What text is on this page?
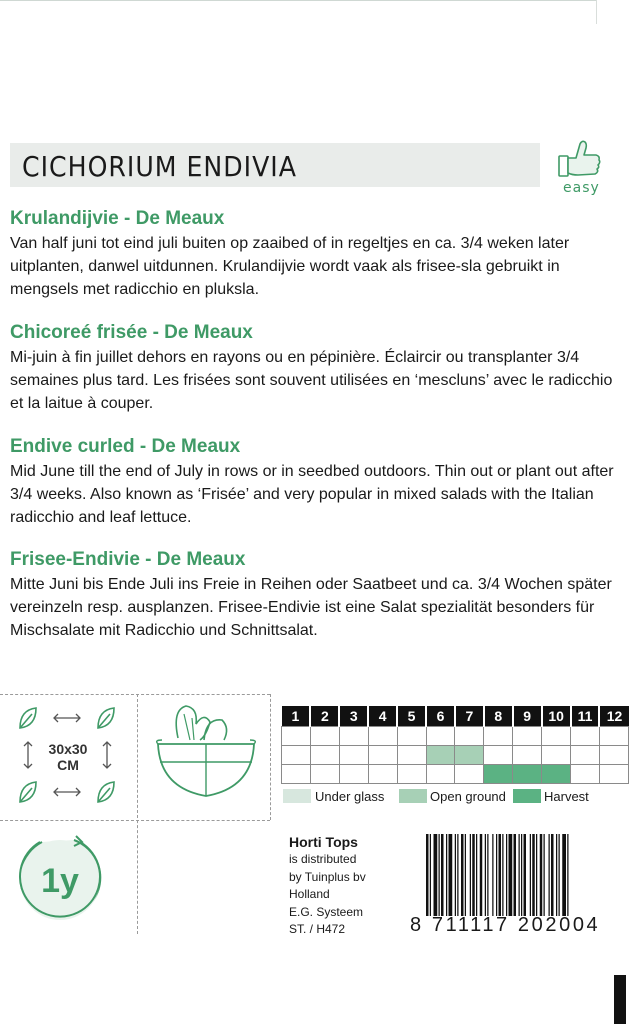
CICHORIUM ENDIVIA
easy
Krulandijvie - De Meaux
Van half juni tot eind juli buiten op zaaibed of in regeltjes en ca. 3/4 weken later uitplanten, danwel uitdunnen. Krulandijvie wordt vaak als frisee-sla gebruikt in mengsels met radicchio en pluksla.
Chicoreé frisée - De Meaux
Mi-juin à fin juillet dehors en rayons ou en pépinière. Éclaircir ou transplanter 3/4 semaines plus tard. Les frisées sont souvent utilisées en ‘mescluns’ avec le radicchio et la laitue à couper.
Endive curled - De Meaux
Mid June till the end of July in rows or in seedbed outdoors. Thin out or plant out after 3/4 weeks. Also known as ‘Frisée’ and very popular in mixed salads with the Italian radicchio and leaf lettuce.
Frisee-Endivie - De Meaux
Mitte Juni bis Ende Juli ins Freie in Reihen oder Saatbeet und ca. 3/4 Wochen später vereinzeln resp. ausplanzen. Frisee-Endivie ist eine Salat spezialität besonders für Mischsalate mit Radicchio und Schnittsalat.
30x30
CM
1	2	3	4	5	6	7	8	9	10	11	12

Under glass	Open ground	Harvest
1y
Horti Tops
is distributed
by Tuinplus bv
Holland
E.G. Systeem
ST. / H472	8 711117 202004
